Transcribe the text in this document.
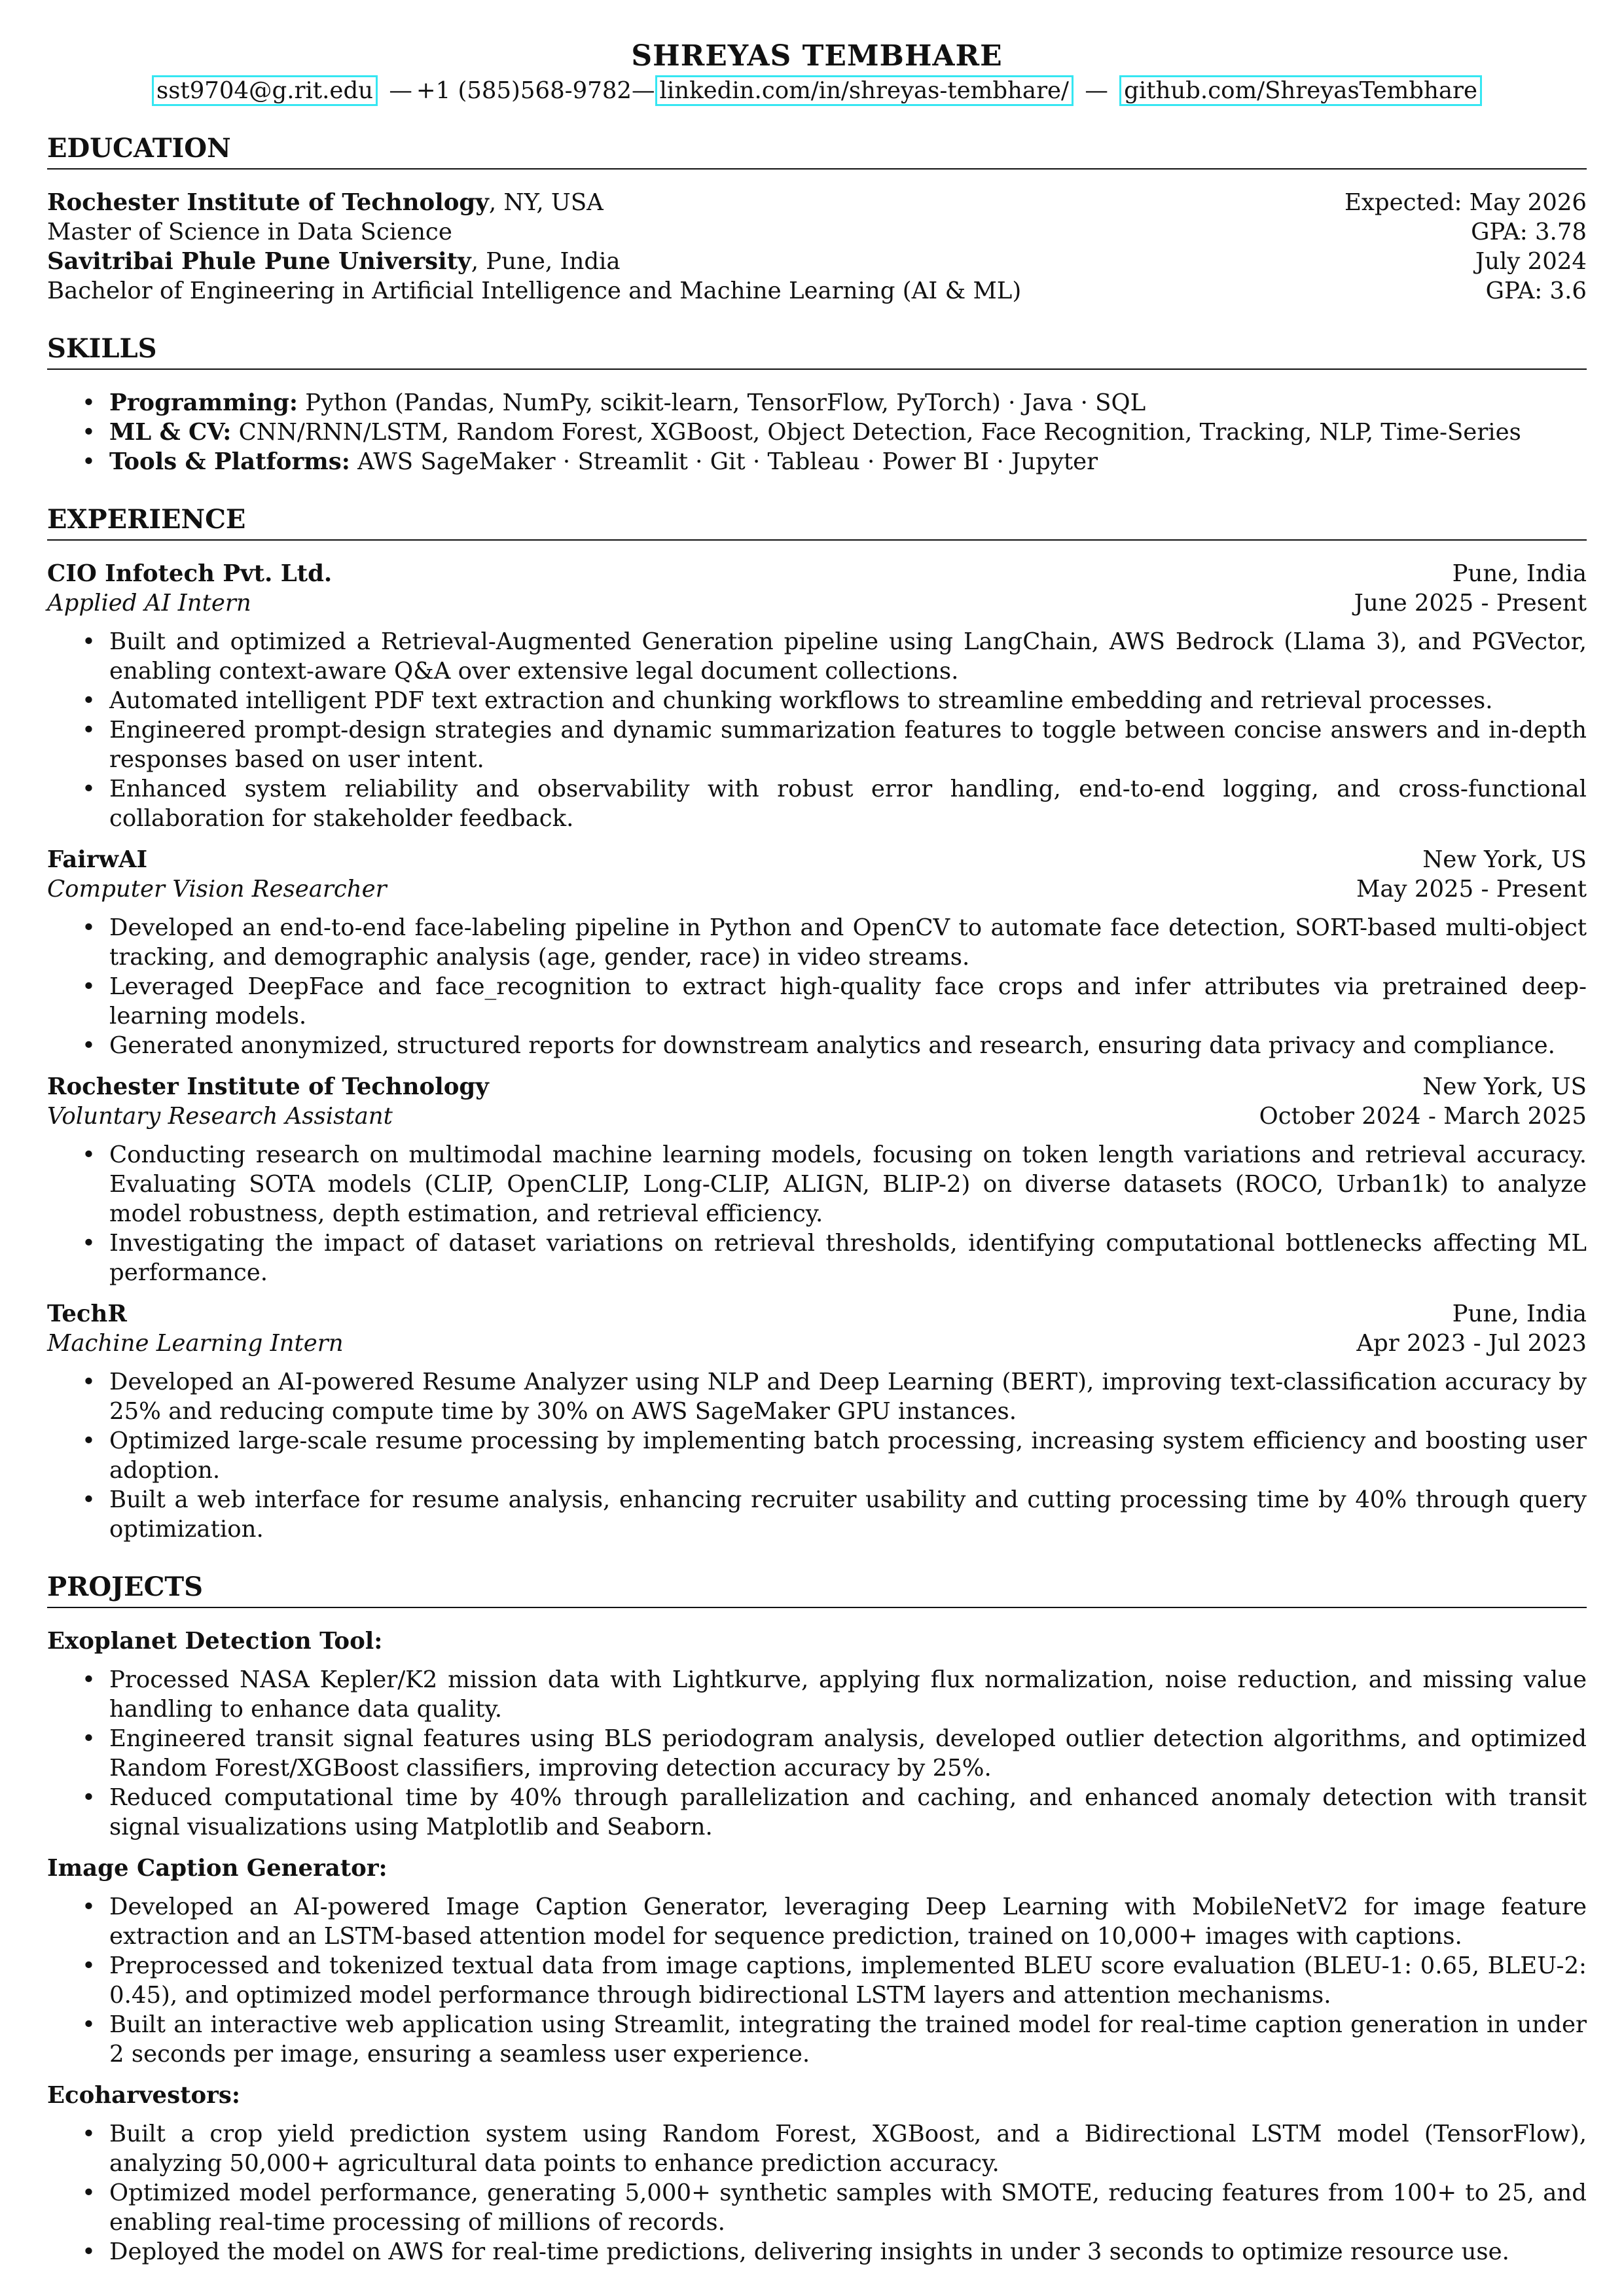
SHREYAS TEMBHARE
sst9704@g.rit.edu — +1 (585)568-9782— linkedin.com/in/shreyas-tembhare/ — github.com/ShreyasTembhare
EDUCATION
Rochester Institute of Technology, NY, USA	Expected: May 2026
Master of Science in Data Science	GPA: 3.78
Savitribai Phule Pune University, Pune, India	July 2024
Bachelor of Engineering in Artificial Intelligence and Machine Learning (AI & ML)	GPA: 3.6
SKILLS
• Programming: Python (Pandas, NumPy, scikit-learn, TensorFlow, PyTorch) · Java · SQL
• ML & CV: CNN/RNN/LSTM, Random Forest, XGBoost, Object Detection, Face Recognition, Tracking, NLP, Time-Series
• Tools & Platforms: AWS SageMaker · Streamlit · Git · Tableau · Power BI · Jupyter
EXPERIENCE
CIO Infotech Pvt. Ltd.	Pune, India
Applied AI Intern	June 2025 - Present
• Built and optimized a Retrieval-Augmented Generation pipeline using LangChain, AWS Bedrock (Llama 3), and PGVector, enabling context-aware Q&A over extensive legal document collections.
• Automated intelligent PDF text extraction and chunking workflows to streamline embedding and retrieval processes.
• Engineered prompt-design strategies and dynamic summarization features to toggle between concise answers and in-depth responses based on user intent.
• Enhanced system reliability and observability with robust error handling, end-to-end logging, and cross-functional collaboration for stakeholder feedback.
FairwAI	New York, US
Computer Vision Researcher	May 2025 - Present
• Developed an end-to-end face-labeling pipeline in Python and OpenCV to automate face detection, SORT-based multi-object tracking, and demographic analysis (age, gender, race) in video streams.
• Leveraged DeepFace and face_recognition to extract high-quality face crops and infer attributes via pretrained deep-learning models.
• Generated anonymized, structured reports for downstream analytics and research, ensuring data privacy and compliance.
Rochester Institute of Technology	New York, US
Voluntary Research Assistant	October 2024 - March 2025
• Conducting research on multimodal machine learning models, focusing on token length variations and retrieval accuracy. Evaluating SOTA models (CLIP, OpenCLIP, Long-CLIP, ALIGN, BLIP-2) on diverse datasets (ROCO, Urban1k) to analyze model robustness, depth estimation, and retrieval efficiency.
• Investigating the impact of dataset variations on retrieval thresholds, identifying computational bottlenecks affecting ML performance.
TechR	Pune, India
Machine Learning Intern	Apr 2023 - Jul 2023
• Developed an AI-powered Resume Analyzer using NLP and Deep Learning (BERT), improving text-classification accuracy by 25% and reducing compute time by 30% on AWS SageMaker GPU instances.
• Optimized large-scale resume processing by implementing batch processing, increasing system efficiency and boosting user adoption.
• Built a web interface for resume analysis, enhancing recruiter usability and cutting processing time by 40% through query optimization.
PROJECTS
Exoplanet Detection Tool:
• Processed NASA Kepler/K2 mission data with Lightkurve, applying flux normalization, noise reduction, and missing value handling to enhance data quality.
• Engineered transit signal features using BLS periodogram analysis, developed outlier detection algorithms, and optimized Random Forest/XGBoost classifiers, improving detection accuracy by 25%.
• Reduced computational time by 40% through parallelization and caching, and enhanced anomaly detection with transit signal visualizations using Matplotlib and Seaborn.
Image Caption Generator:
• Developed an AI-powered Image Caption Generator, leveraging Deep Learning with MobileNetV2 for image feature extraction and an LSTM-based attention model for sequence prediction, trained on 10,000+ images with captions.
• Preprocessed and tokenized textual data from image captions, implemented BLEU score evaluation (BLEU-1: 0.65, BLEU-2: 0.45), and optimized model performance through bidirectional LSTM layers and attention mechanisms.
• Built an interactive web application using Streamlit, integrating the trained model for real-time caption generation in under 2 seconds per image, ensuring a seamless user experience.
Ecoharvestors:
• Built a crop yield prediction system using Random Forest, XGBoost, and a Bidirectional LSTM model (TensorFlow), analyzing 50,000+ agricultural data points to enhance prediction accuracy.
• Optimized model performance, generating 5,000+ synthetic samples with SMOTE, reducing features from 100+ to 25, and enabling real-time processing of millions of records.
• Deployed the model on AWS for real-time predictions, delivering insights in under 3 seconds to optimize resource use.
